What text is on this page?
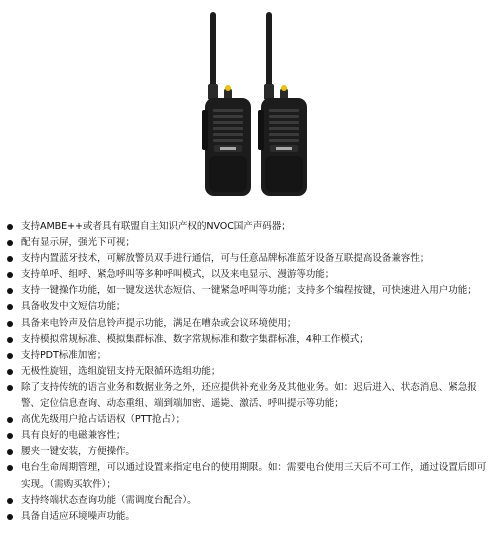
支持AMBE++或者具有联盟自主知识产权的NVOC国产声码器；
配有显示屏，强光下可视；
支持内置蓝牙技术，可解放警员双手进行通信，可与任意品牌标准蓝牙设备互联提高设备兼容性；
支持单呼、组呼、紧急呼叫等多种呼叫模式，以及来电显示、漫游等功能；
支持一键操作功能，如一键发送状态短信、一键紧急呼叫等功能；支持多个编程按键，可快速进入用户功能；
具备收发中文短信功能；
具备来电铃声及信息铃声提示功能，满足在嘈杂或会议环境使用；
支持模拟常规标准、模拟集群标准、数字常规标准和数字集群标准，4种工作模式；
支持PDT标准加密；
无极性旋钮，选组旋钮支持无限循环选组功能；
除了支持传统的语言业务和数据业务之外，还应提供补充业务及其他业务。如：迟后进入、状态消息、紧急报警、定位信息查询、动态重组、端到端加密、遥毙、激活、呼叫提示等功能；
高优先级用户抢占话语权（PTT抢占）；
具有良好的电磁兼容性；
腰夹一键安装，方便操作。
电台生命周期管理，可以通过设置来指定电台的使用期限。如：需要电台使用三天后不可工作，通过设置后即可实现。（需购买软件）；
支持终端状态查询功能（需调度台配合）。
具备自适应环境噪声功能。
